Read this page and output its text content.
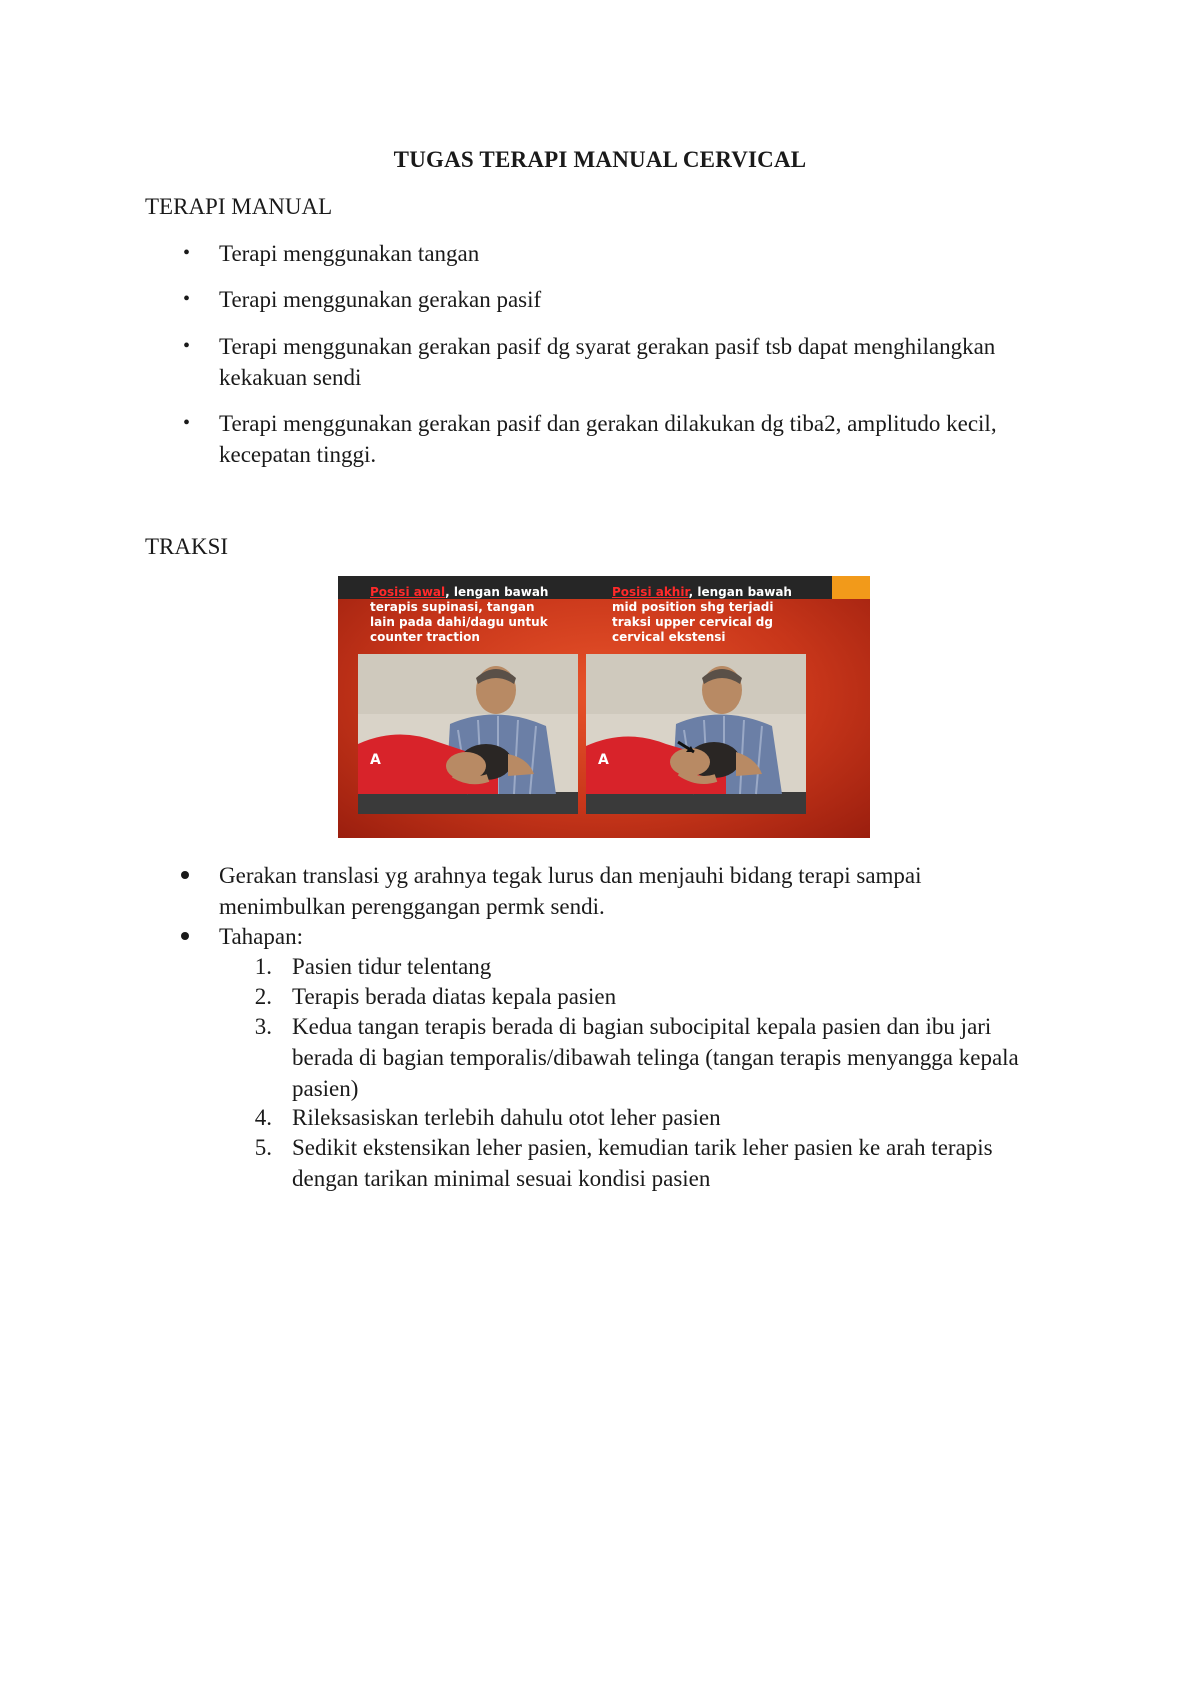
TUGAS TERAPI MANUAL CERVICAL
TERAPI MANUAL
• Terapi menggunakan tangan
• Terapi menggunakan gerakan pasif
• Terapi menggunakan gerakan pasif dg syarat gerakan pasif tsb dapat menghilangkan
kekakuan sendi
• Terapi menggunakan gerakan pasif dan gerakan dilakukan dg tiba2, amplitudo kecil,
kecepatan tinggi.
TRAKSI
Posisi awal, lengan bawah
terapis supinasi, tangan
lain pada dahi/dagu untuk
counter traction
Posisi akhir, lengan bawah
mid position shg terjadi
traksi upper cervical dg
cervical ekstensi
A	A
Gerakan translasi yg arahnya tegak lurus dan menjauhi bidang terapi sampai
menimbulkan perenggangan permk sendi.
Tahapan:
1. Pasien tidur telentang
2. Terapis berada diatas kepala pasien
3. Kedua tangan terapis berada di bagian subocipital kepala pasien dan ibu jari
berada di bagian temporalis/dibawah telinga (tangan terapis menyangga kepala
pasien)
4. Rileksasiskan terlebih dahulu otot leher pasien
5. Sedikit ekstensikan leher pasien, kemudian tarik leher pasien ke arah terapis
dengan tarikan minimal sesuai kondisi pasien
